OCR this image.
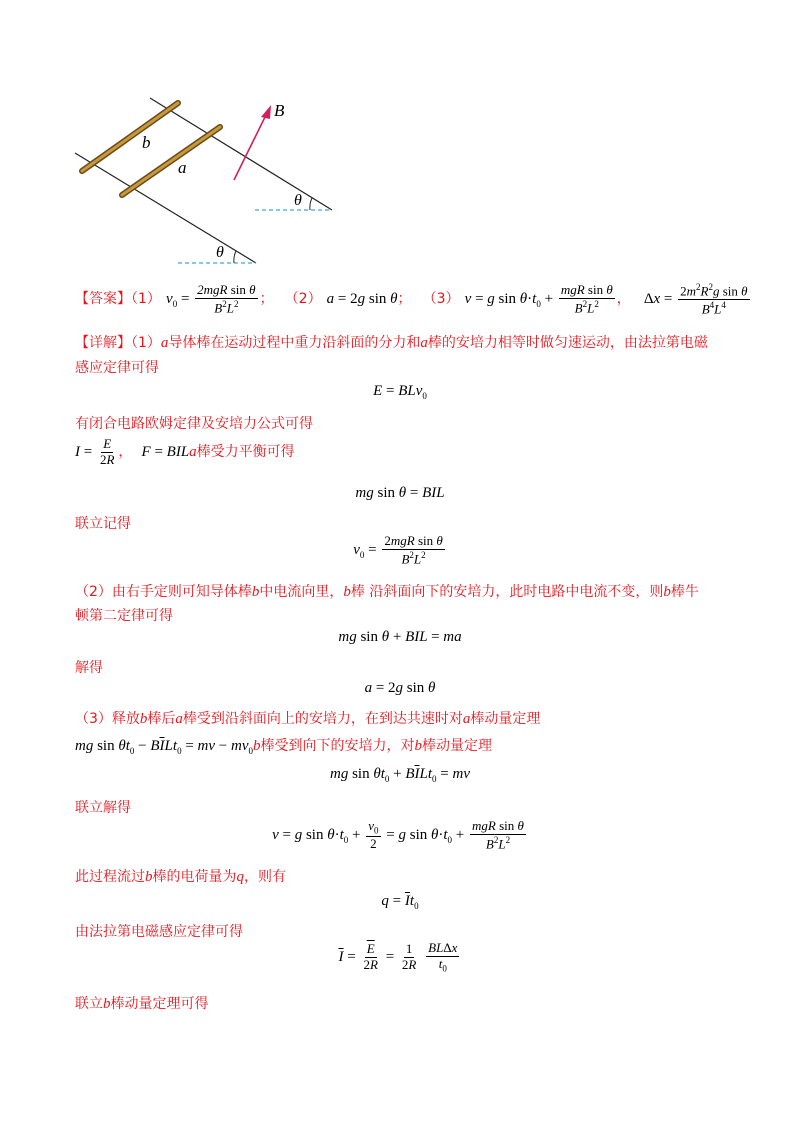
B
b
a
θ
θ
【答案】（1） $v_0 = \frac{\text{2mgR sin θ}}{B^2L^2}$ ； （2） a = 2g sin θ； （3） v = g $\sin \theta\cdot t_0 + \frac{\text{mgR sin θ}}{B^2L^2}$ ， $\Delta x = \frac{2m^2R^2g \sin \theta}{B^4L^4}$
【详解】（1）a导体棒在运动过程中重力沿斜面的分力和a棒的安培力相等时做匀速运动，由法拉第电磁
感应定律可得
E = BLv$_0$
有闭合电路欧姆定律及安培力公式可得
$I = \frac{E}{2R}$ ， F = BILa棒受力平衡可得
mg sin θ = BIL
联立记得
$v_0 = \frac{\text{2mgR sin θ}}{B^2L^2}$
（2）由右手定则可知导体棒b中电流向里，b棒 沿斜面向下的安培力，此时电路中电流不变，则b棒牛
顿第二定律可得
mg sin θ + BIL = ma
解得
a = 2g sin θ
（3）释放b棒后a棒受到沿斜面向上的安培力，在到达共速时对a棒动量定理
mg $\sin \theta t_0 - B\overline{I}Lt_0$ = mv − $mv_0b$棒受到向下的安培力，对b棒动量定理
mg $\sin \theta t_0 + B\overline{I}Lt_0$ = mv
联立解得
v = g $\sin \theta\cdot t_0 + \frac{v_0}{2} = g$ $\sin \theta\cdot t_0 + \frac{\text{mgR sin θ}}{B^2L^2}$
此过程流过b棒的电荷量为q，则有
$q = \overline{I}t_0$
由法拉第电磁感应定律可得
$\overline{I} = \frac{\overline{E}}{2R} = \frac{1}{2R}$
$\frac{\text{BLΔx}}{t_0}$
联立b棒动量定理可得
